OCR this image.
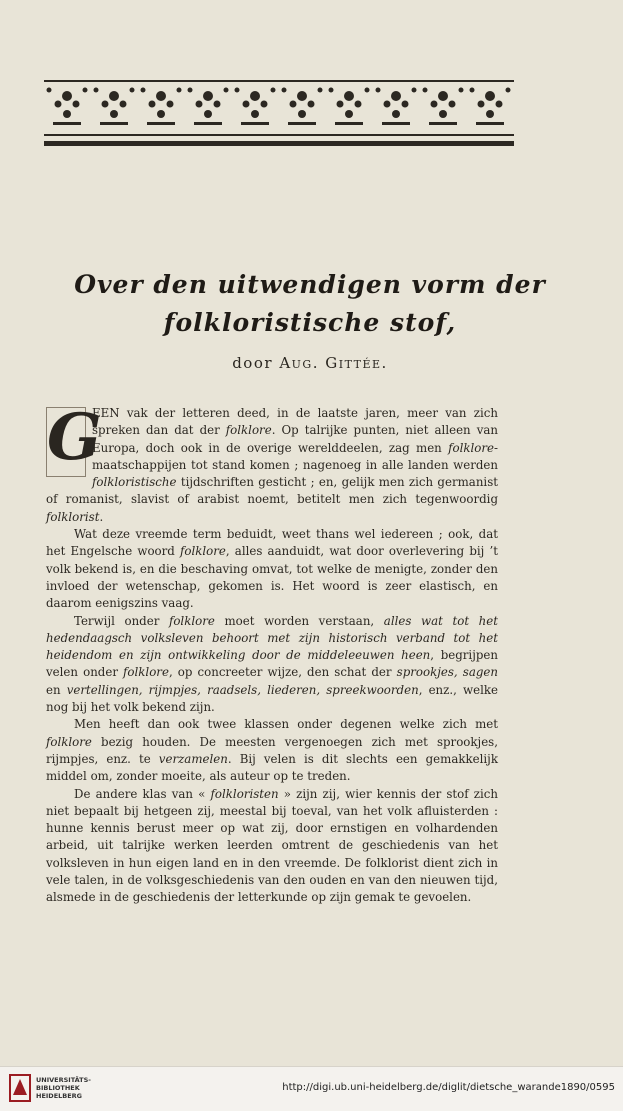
Over den uitwendigen vorm der
folkloristische stof,
door Aug. Gittée.

G
EEN vak der letteren deed, in de laatste jaren, meer van zich spreken dan dat der folklore. Op talrijke punten, niet alleen van Europa, doch ook in de overige werelddeelen, zag men folklore-maatschappijen tot stand komen ; nagenoeg in alle landen werden folkloristische tijdschriften gesticht ; en, gelijk men zich germanist of romanist, slavist of arabist noemt, betitelt men zich tegenwoordig folklorist.

Wat deze vreemde term beduidt, weet thans wel iedereen ; ook, dat het Engelsche woord folklore, alles aanduidt, wat door overlevering bij ’t volk bekend is, en die beschaving omvat, tot welke de menigte, zonder den invloed der wetenschap, gekomen is. Het woord is zeer elastisch, en daarom eenigszins vaag.

Terwijl onder folklore moet worden verstaan, alles wat tot het hedendaagsch volksleven behoort met zijn historisch verband tot het heidendom en zijn ontwikkeling door de middeleeuwen heen, begrijpen velen onder folklore, op concreeter wijze, den schat der sprookjes, sagen en vertellingen, rijmpjes, raadsels, liederen, spreekwoorden, enz., welke nog bij het volk bekend zijn.

Men heeft dan ook twee klassen onder degenen welke zich met folklore bezig houden. De meesten vergenoegen zich met sprookjes, rijmpjes, enz. te verzamelen. Bij velen is dit slechts een gemakkelijk middel om, zonder moeite, als auteur op te treden.

De andere klas van « folkloristen » zijn zij, wier kennis der stof zich niet bepaalt bij hetgeen zij, meestal bij toeval, van het volk afluisterden : hunne kennis berust meer op wat zij, door ernstigen en volhardenden arbeid, uit talrijke werken leerden omtrent de geschiedenis van het volksleven in hun eigen land en in den vreemde. De folklorist dient zich in vele talen, in de volksgeschiedenis van den ouden en van den nieuwen tijd, alsmede in de geschiedenis der letterkunde op zijn gemak te gevoelen.

UNIVERSITÄTS-
BIBLIOTHEK
HEIDELBERG
http://digi.ub.uni-heidelberg.de/diglit/dietsche_warande1890/0595
